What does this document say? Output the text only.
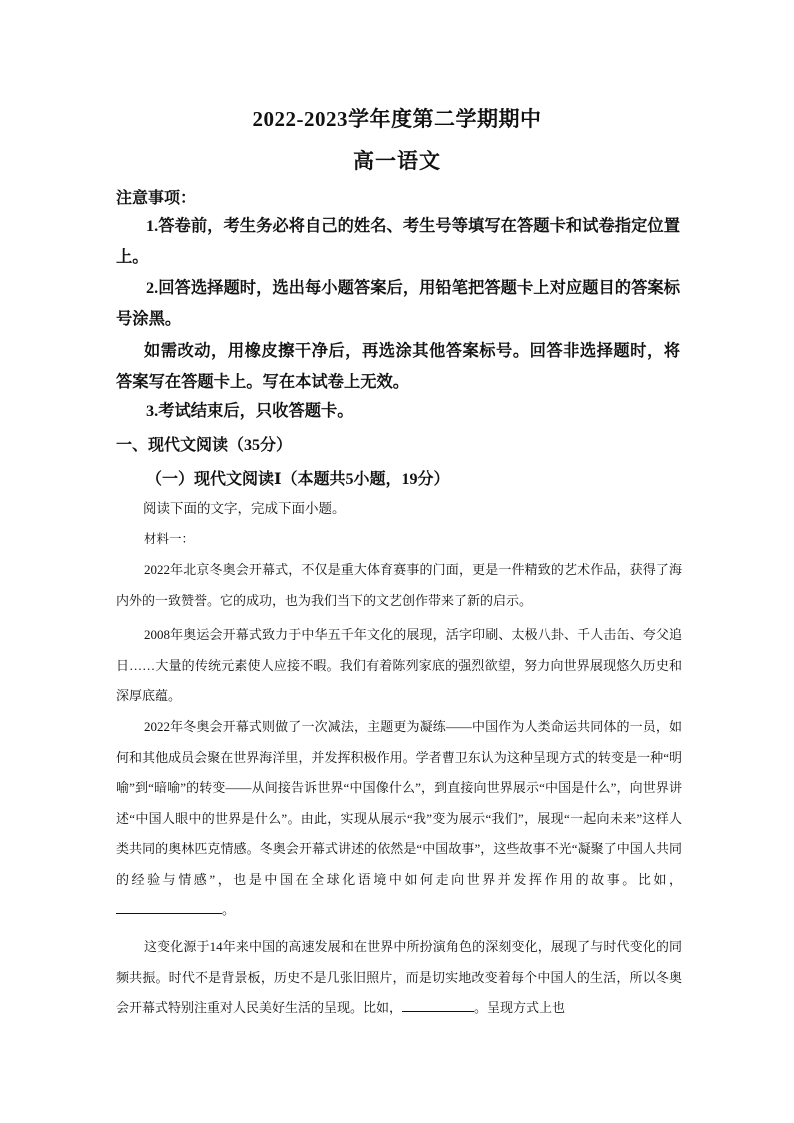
2022-2023学年度第二学期期中
高一语文
注意事项：
1.答卷前，考生务必将自己的姓名、考生号等填写在答题卡和试卷指定位置上。
2.回答选择题时，选出每小题答案后，用铅笔把答题卡上对应题目的答案标号涂黑。
如需改动，用橡皮擦干净后，再选涂其他答案标号。回答非选择题时，将答案写在答题卡上。写在本试卷上无效。
3.考试结束后，只收答题卡。
一、现代文阅读（35分）
（一）现代文阅读Ⅰ（本题共5小题，19分）
阅读下面的文字，完成下面小题。
材料一：
2022年北京冬奥会开幕式，不仅是重大体育赛事的门面，更是一件精致的艺术作品，获得了海内外的一致赞誉。它的成功，也为我们当下的文艺创作带来了新的启示。
2008年奥运会开幕式致力于中华五千年文化的展现，活字印刷、太极八卦、千人击缶、夸父追日……大量的传统元素使人应接不暇。我们有着陈列家底的强烈欲望，努力向世界展现悠久历史和深厚底蕴。
2022年冬奥会开幕式则做了一次减法，主题更为凝练——中国作为人类命运共同体的一员，如何和其他成员会聚在世界海洋里，并发挥积极作用。学者曹卫东认为这种呈现方式的转变是一种“明喻”到“暗喻”的转变——从间接告诉世界“中国像什么”，到直接向世界展示“中国是什么”，向世界讲述“中国人眼中的世界是什么”。由此，实现从展示“我”变为展示“我们”，展现“一起向未来”这样人类共同的奥林匹克情感。冬奥会开幕式讲述的依然是“中国故事”，这些故事不光“凝聚了中国人共同的经验与情感”，也是中国在全球化语境中如何走向世界并发挥作用的故事。比如，。
这变化源于14年来中国的高速发展和在世界中所扮演角色的深刻变化，展现了与时代变化的同频共振。时代不是背景板，历史不是几张旧照片，而是切实地改变着每个中国人的生活，所以冬奥会开幕式特别注重对人民美好生活的呈现。比如，	。呈现方式上也
